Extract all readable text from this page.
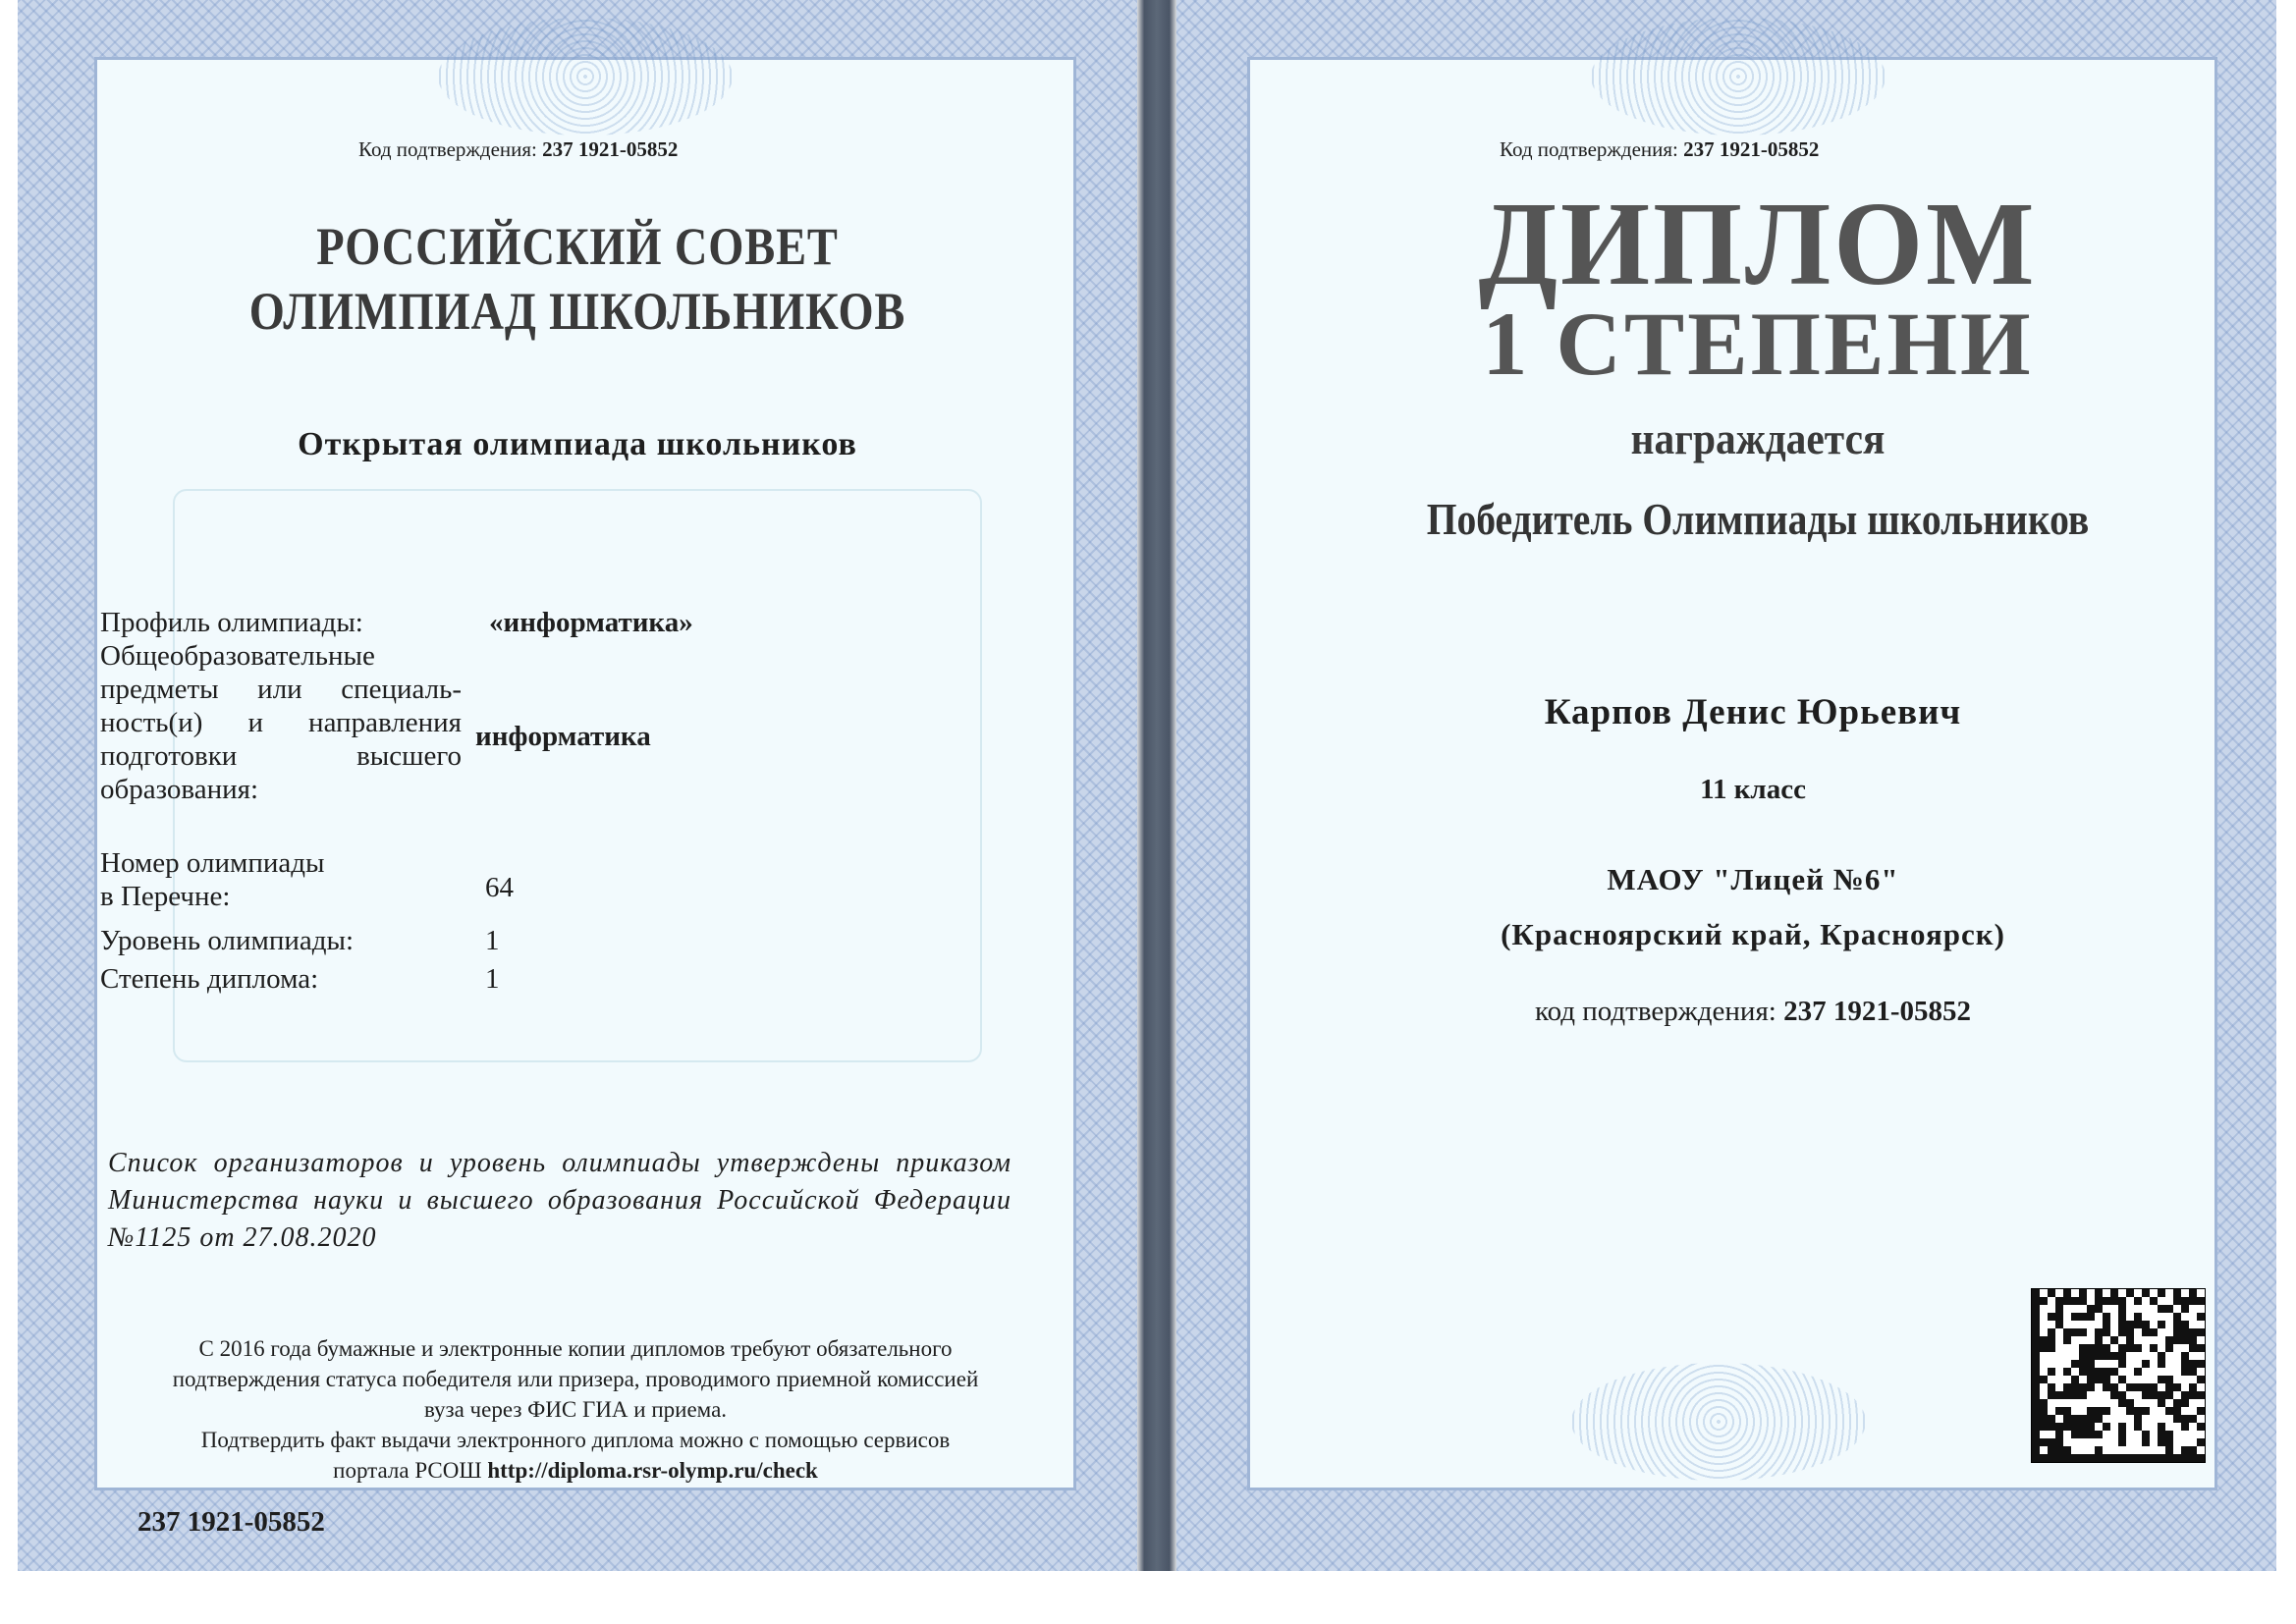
Код подтверждения: 237 1921-05852
РОССИЙСКИЙ СОВЕТ
ОЛИМПИАД ШКОЛЬНИКОВ
Открытая олимпиада школьников
Профиль олимпиады:	«информатика»
Общеобразовательные
предметы или специаль-
ность(и) и направления
подготовки высшего
образования:
информатика
Номер олимпиады
в Перечне:	64
Уровень олимпиады:	1
Степень диплома:	1
Список организаторов и уровень олимпиады утверждены приказом Министерства науки и высшего образования Российской Федерации №1125 от 27.08.2020
С 2016 года бумажные и электронные копии дипломов требуют обязательного
подтверждения статуса победителя или призера, проводимого приемной комиссией
вуза через ФИС ГИА и приема.
Подтвердить факт выдачи электронного диплома можно с помощью сервисов
портала РСОШ http://diploma.rsr-olymp.ru/check
237 1921-05852
Код подтверждения: 237 1921-05852
ДИПЛОМ
1 СТЕПЕНИ
награждается
Победитель Олимпиады школьников
Карпов Денис Юрьевич
11 класс
МАОУ "Лицей №6"
(Красноярский край, Красноярск)
код подтверждения: 237 1921-05852
